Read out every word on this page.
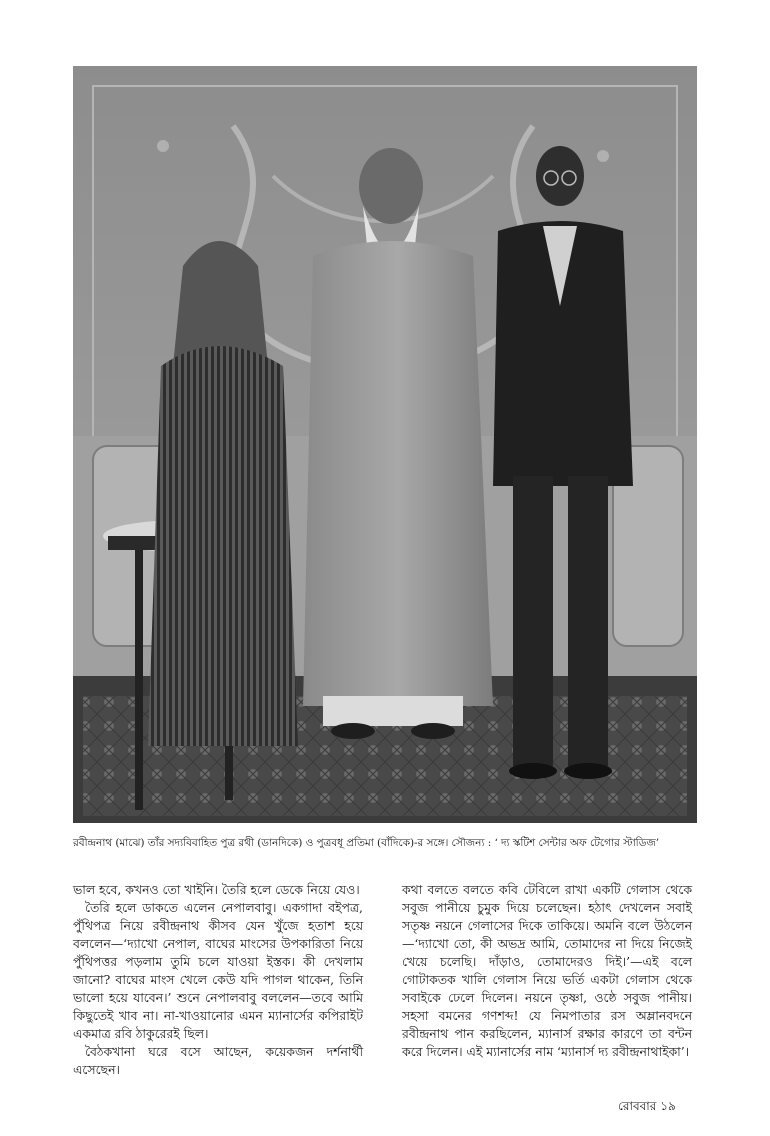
রবীন্দ্রনাথ (মাঝে) তাঁর সদ্যবিবাহিত পুত্র রথী (ডানদিকে) ও পুত্রবধূ প্রতিমা (বাঁদিকে)-র সঙ্গে। সৌজন্য : ‘ দ্য স্কটিশ সেন্টার অফ টেগোর স্টাডিজ’

ভাল হবে, কখনও তো খাইনি। তৈরি হলে ডেকে নিয়ে যেও।

তৈরি হলে ডাকতে এলেন নেপালবাবু। একগাদা বইপত্র, পুঁথিপত্র নিয়ে রবীন্দ্রনাথ কীসব যেন খুঁজে হতাশ হয়ে বললেন—‘দ্যাখো নেপাল, বাঘের মাংসের উপকারিতা নিয়ে পুঁথিপত্তর পড়লাম তুমি চলে যাওয়া ইস্তক। কী দেখলাম জানো? বাঘের মাংস খেলে কেউ যদি পাগল থাকেন, তিনি ভালো হয়ে যাবেন।’ শুনে নেপালবাবু বললেন—তবে আমি কিছুতেই খাব না। না-খাওয়ানোর এমন ম্যানার্সের কপিরাইট একমাত্র রবি ঠাকুরেরই ছিল।

বৈঠকখানা ঘরে বসে আছেন, কয়েকজন দর্শনার্থী এসেছেন।

কথা বলতে বলতে কবি টেবিলে রাখা একটি গেলাস থেকে সবুজ পানীয়ে চুমুক দিয়ে চলেছেন। হঠাৎ দেখলেন সবাই সতৃষ্ণ নয়নে গেলাসের দিকে তাকিয়ে। অমনি বলে উঠলেন—‘দ্যাখো তো, কী অভদ্র আমি, তোমাদের না দিয়ে নিজেই খেয়ে চলেছি। দাঁড়াও, তোমাদেরও দিই।’—এই বলে গোটাকতক খালি গেলাস নিয়ে ভর্তি একটা গেলাস থেকে সবাইকে ঢেলে দিলেন। নয়নে তৃষ্ণা, ওষ্ঠে সবুজ পানীয়। সহসা বমনের গণশব্দ! যে নিমপাতার রস অম্লানবদনে রবীন্দ্রনাথ পান করছিলেন, ম্যানার্স রক্ষার কারণে তা বন্টন করে দিলেন। এই ম্যানার্সের নাম ‘ম্যানার্স দ্য রবীন্দ্রনাথাইকা’।

রোববার ১৯
